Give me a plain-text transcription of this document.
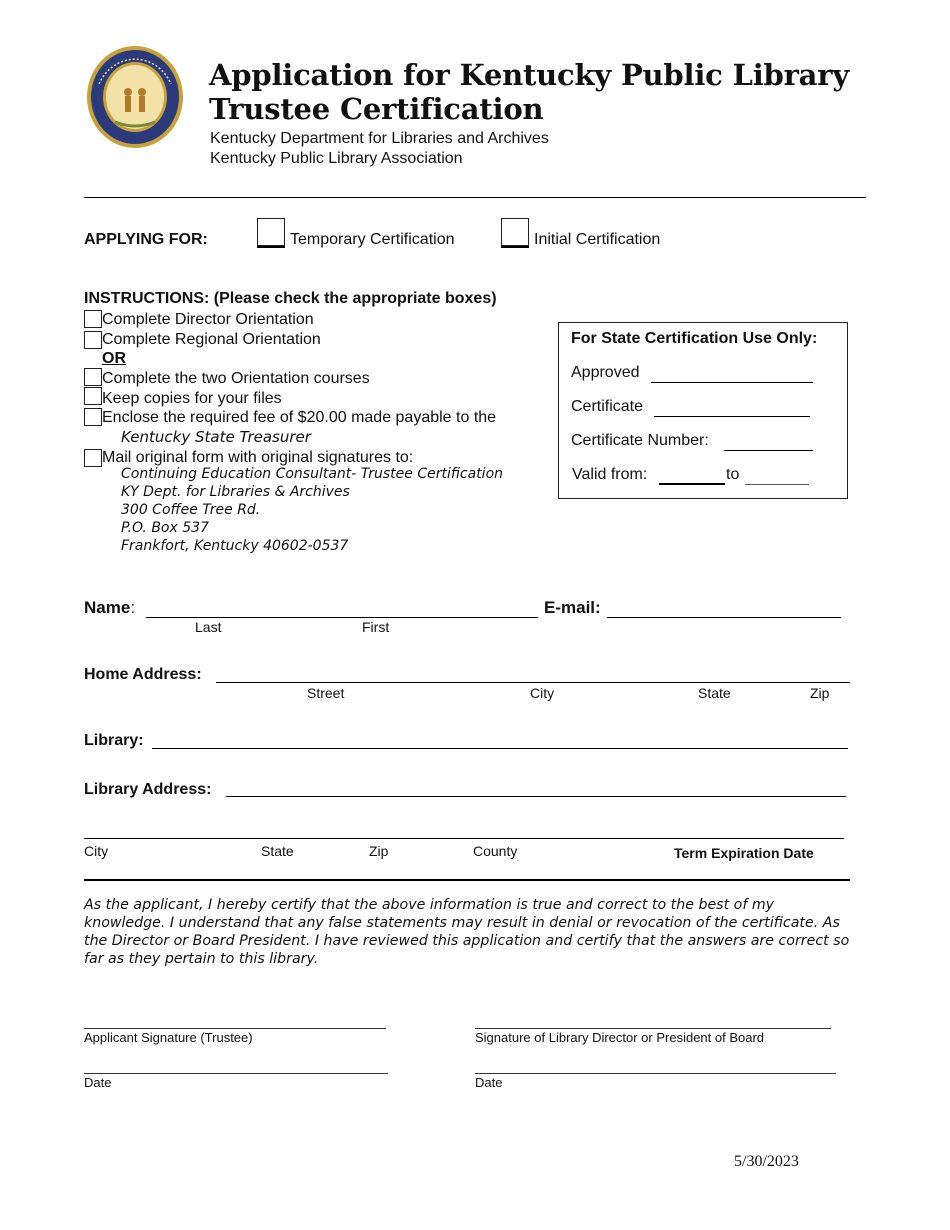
Application for Kentucky Public Library
Trustee Certification
Kentucky Department for Libraries and Archives
Kentucky Public Library Association
APPLYING FOR:	Temporary Certification	Initial Certification
INSTRUCTIONS: (Please check the appropriate boxes)
Complete Director Orientation
Complete Regional Orientation
OR
Complete the two Orientation courses
Keep copies for your files
Enclose the required fee of $20.00 made payable to the
Kentucky State Treasurer
Mail original form with original signatures to:
Continuing Education Consultant- Trustee Certification
KY Dept. for Libraries & Archives
300 Coffee Tree Rd.
P.O. Box 537
Frankfort, Kentucky 40602-0537
For State Certification Use Only:
Approved
Certificate
Certificate Number:
Valid from:	to
Name:	E-mail:
Last	First
Home Address:
Street	City	State	Zip
Library:
Library Address:
City	State	Zip	County	Term Expiration Date
As the applicant, I hereby certify that the above information is true and correct to the best of my knowledge. I understand that any false statements may result in denial or revocation of the certificate. As the Director or Board President. I have reviewed this application and certify that the answers are correct so far as they pertain to this library.
Applicant Signature (Trustee)	Signature of Library Director or President of Board
Date	Date
5/30/2023
